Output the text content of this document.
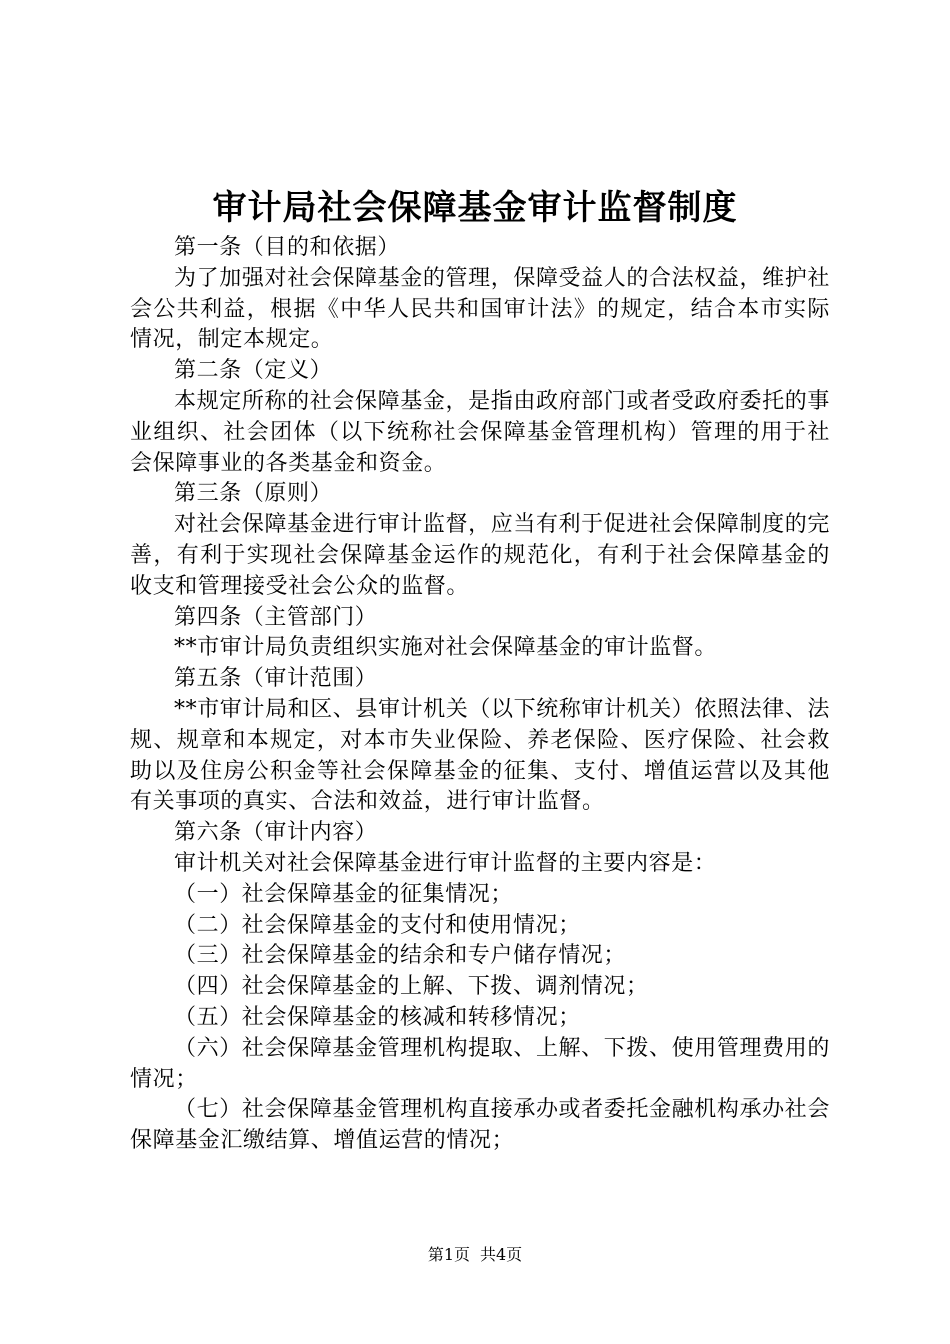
审计局社会保障基金审计监督制度

第一条（目的和依据）

为了加强对社会保障基金的管理，保障受益人的合法权益，维护社会公共利益，根据《中华人民共和国审计法》的规定，结合本市实际情况，制定本规定。

第二条（定义）

本规定所称的社会保障基金，是指由政府部门或者受政府委托的事业组织、社会团体（以下统称社会保障基金管理机构）管理的用于社会保障事业的各类基金和资金。

第三条（原则）

对社会保障基金进行审计监督，应当有利于促进社会保障制度的完善，有利于实现社会保障基金运作的规范化，有利于社会保障基金的收支和管理接受社会公众的监督。

第四条（主管部门）

**市审计局负责组织实施对社会保障基金的审计监督。

第五条（审计范围）

**市审计局和区、县审计机关（以下统称审计机关）依照法律、法规、规章和本规定，对本市失业保险、养老保险、医疗保险、社会救助以及住房公积金等社会保障基金的征集、支付、增值运营以及其他有关事项的真实、合法和效益，进行审计监督。

第六条（审计内容）

审计机关对社会保障基金进行审计监督的主要内容是：

（一）社会保障基金的征集情况；

（二）社会保障基金的支付和使用情况；

（三）社会保障基金的结余和专户储存情况；

（四）社会保障基金的上解、下拨、调剂情况；

（五）社会保障基金的核减和转移情况；

（六）社会保障基金管理机构提取、上解、下拨、使用管理费用的情况；

（七）社会保障基金管理机构直接承办或者委托金融机构承办社会保障基金汇缴结算、增值运营的情况；

第1页 共4页
